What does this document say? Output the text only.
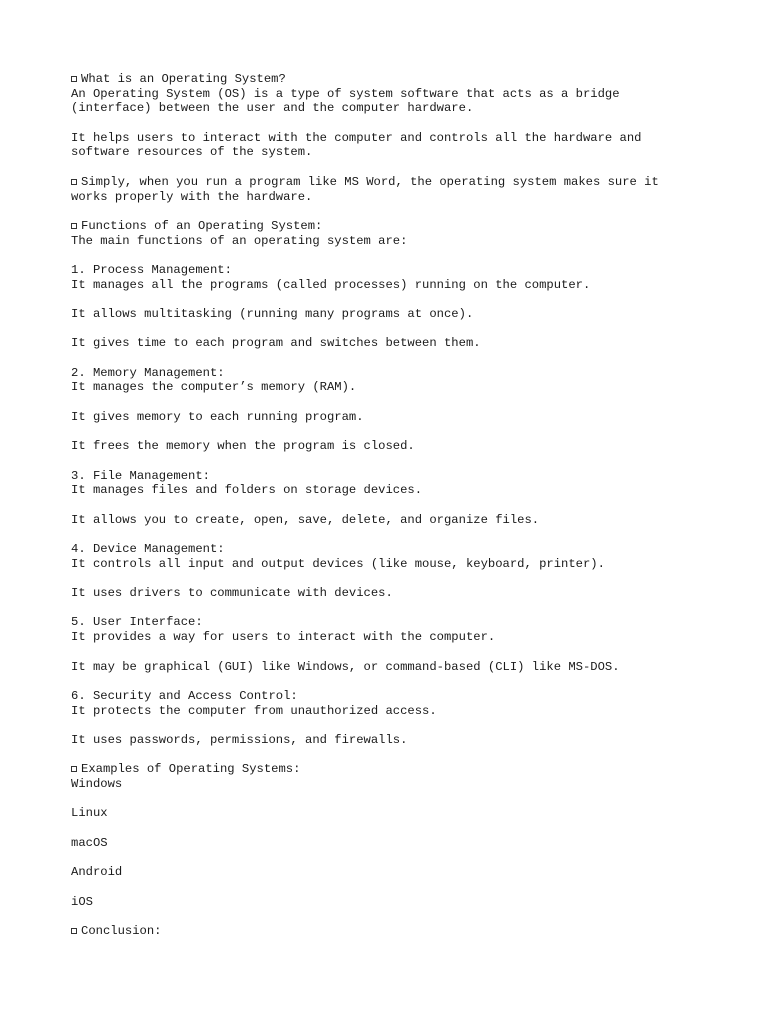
What is an Operating System?
An Operating System (OS) is a type of system software that acts as a bridge
(interface) between the user and the computer hardware.
It helps users to interact with the computer and controls all the hardware and
software resources of the system.
Simply, when you run a program like MS Word, the operating system makes sure it
works properly with the hardware.
Functions of an Operating System:
The main functions of an operating system are:
1. Process Management:
It manages all the programs (called processes) running on the computer.
It allows multitasking (running many programs at once).
It gives time to each program and switches between them.
2. Memory Management:
It manages the computer’s memory (RAM).
It gives memory to each running program.
It frees the memory when the program is closed.
3. File Management:
It manages files and folders on storage devices.
It allows you to create, open, save, delete, and organize files.
4. Device Management:
It controls all input and output devices (like mouse, keyboard, printer).
It uses drivers to communicate with devices.
5. User Interface:
It provides a way for users to interact with the computer.
It may be graphical (GUI) like Windows, or command-based (CLI) like MS-DOS.
6. Security and Access Control:
It protects the computer from unauthorized access.
It uses passwords, permissions, and firewalls.
Examples of Operating Systems:
Windows
Linux
macOS
Android
iOS
Conclusion:
